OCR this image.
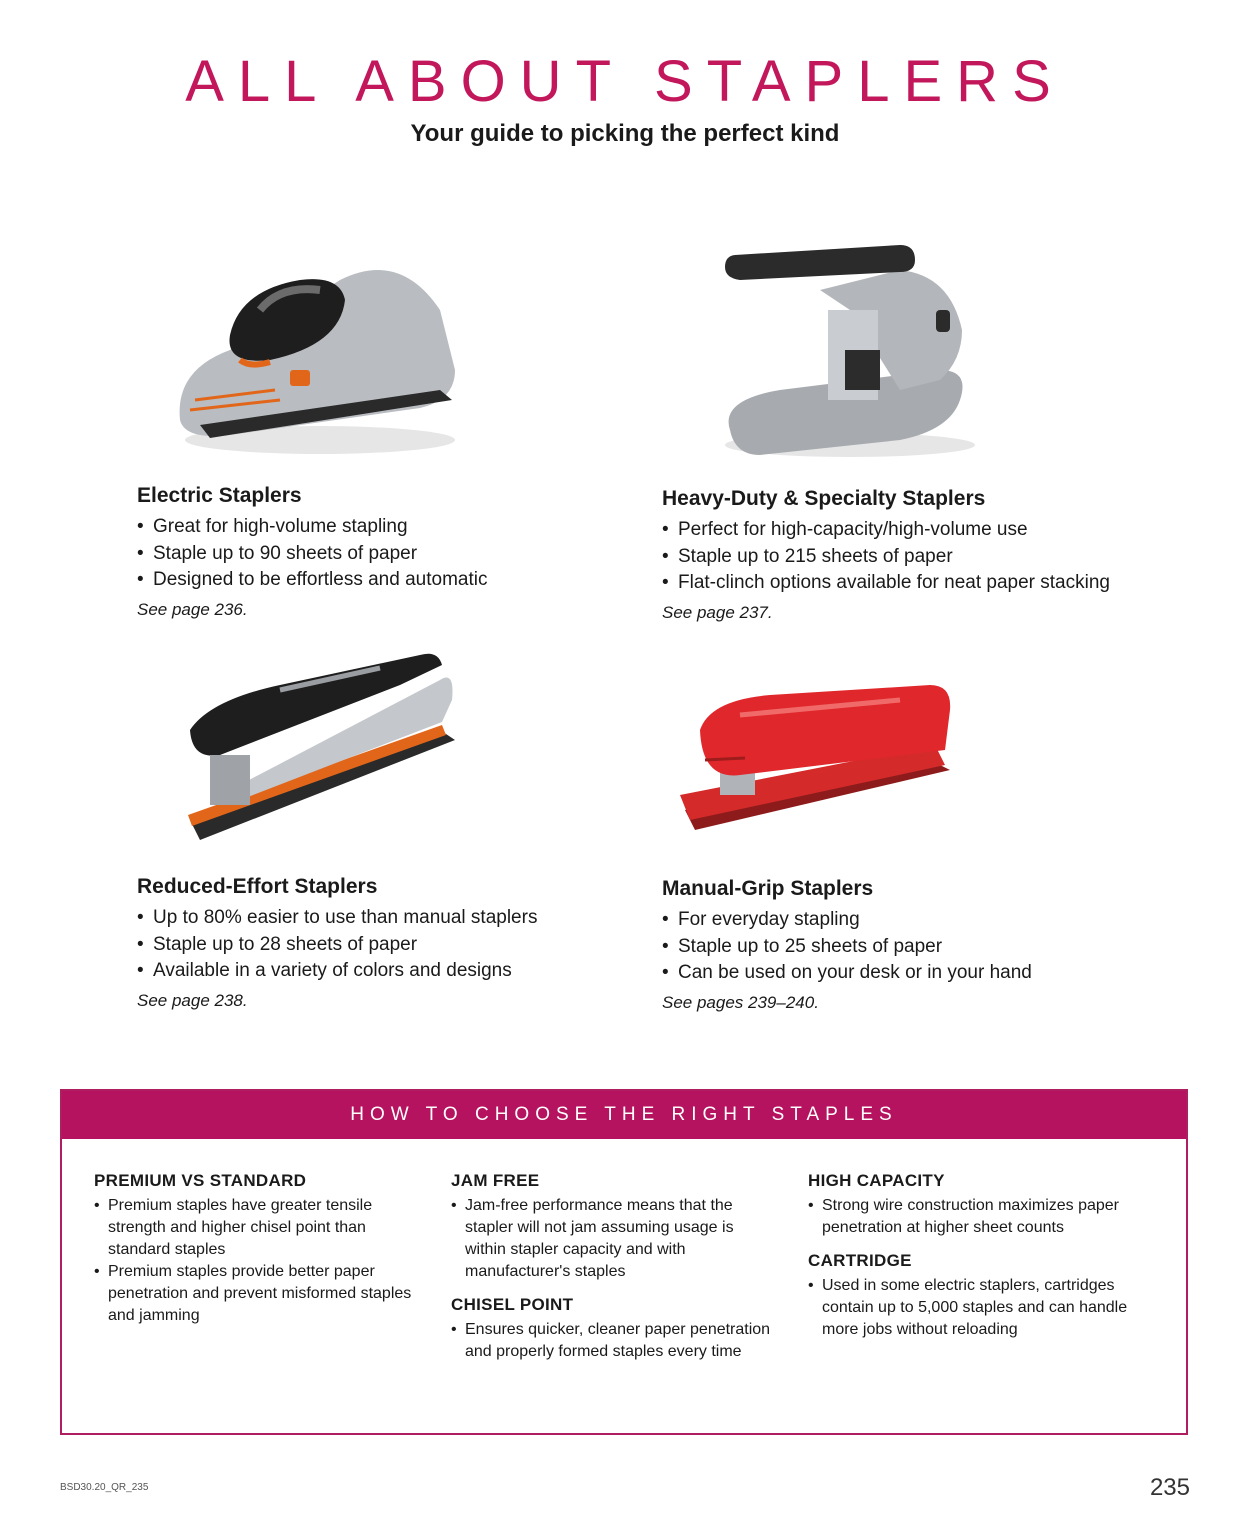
ALL ABOUT STAPLERS
Your guide to picking the perfect kind
Electric Staplers
• Great for high-volume stapling
• Staple up to 90 sheets of paper
• Designed to be effortless and automatic
See page 236.
Heavy-Duty & Specialty Staplers
• Perfect for high-capacity/high-volume use
• Staple up to 215 sheets of paper
• Flat-clinch options available for neat paper stacking
See page 237.
Reduced-Effort Staplers
• Up to 80% easier to use than manual staplers
• Staple up to 28 sheets of paper
• Available in a variety of colors and designs
See page 238.
Manual-Grip Staplers
• For everyday stapling
• Staple up to 25 sheets of paper
• Can be used on your desk or in your hand
See pages 239–240.
HOW TO CHOOSE THE RIGHT STAPLES
PREMIUM VS STANDARD
• Premium staples have greater tensile strength and higher chisel point than standard staples
• Premium staples provide better paper penetration and prevent misformed staples and jamming
JAM FREE
• Jam-free performance means that the stapler will not jam assuming usage is within stapler capacity and with manufacturer's staples
CHISEL POINT
• Ensures quicker, cleaner paper penetration and properly formed staples every time
HIGH CAPACITY
• Strong wire construction maximizes paper penetration at higher sheet counts
CARTRIDGE
• Used in some electric staplers, cartridges contain up to 5,000 staples and can handle more jobs without reloading
BSD30.20_QR_235	235
